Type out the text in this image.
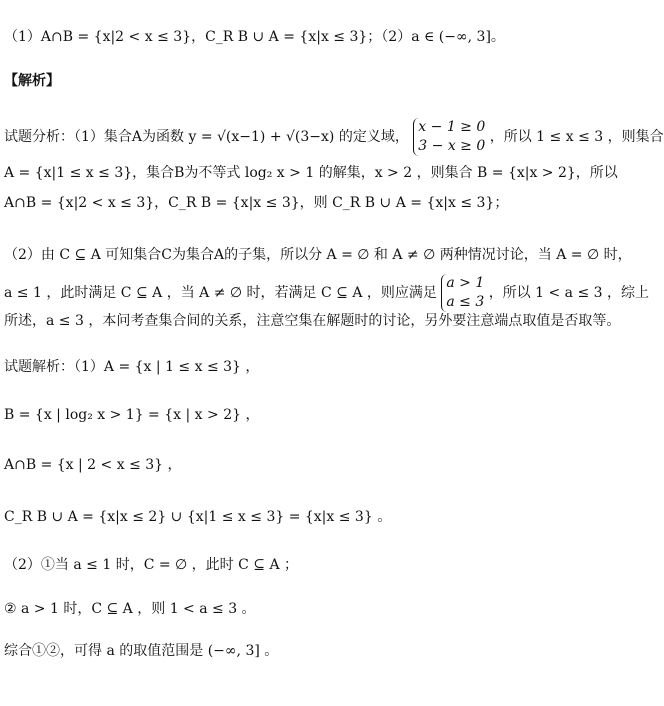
（1）A∩B = {x|2 < x ≤ 3}，C_R B ∪ A = {x|x ≤ 3}；（2）a ∈ (−∞, 3]。
【解析】
试题分析：（1）集合A为函数 y = √(x−1) + √(3−x) 的定义域，
x − 1 ≥ 0
3 − x ≥ 0
，所以 1 ≤ x ≤ 3 ，则集合
A = {x|1 ≤ x ≤ 3}，集合B为不等式 log₂ x > 1 的解集，x > 2 ，则集合 B = {x|x > 2}，所以
A∩B = {x|2 < x ≤ 3}，C_R B = {x|x ≤ 3}，则 C_R B ∪ A = {x|x ≤ 3}；
（2）由 C ⊆ A 可知集合C为集合A的子集，所以分 A = ∅ 和 A ≠ ∅ 两种情况讨论，当 A = ∅ 时，
a ≤ 1 ，此时满足 C ⊆ A ，当 A ≠ ∅ 时，若满足 C ⊆ A ，则应满足
a > 1
a ≤ 3
，所以 1 < a ≤ 3 ，综上
所述，a ≤ 3 ，本问考查集合间的关系，注意空集在解题时的讨论，另外要注意端点取值是否取等。
试题解析：（1）A = {x | 1 ≤ x ≤ 3} ，
B = {x | log₂ x > 1} = {x | x > 2} ，
A∩B = {x | 2 < x ≤ 3} ，
C_R B ∪ A = {x|x ≤ 2} ∪ {x|1 ≤ x ≤ 3} = {x|x ≤ 3} 。
（2）①当 a ≤ 1 时，C = ∅ ，此时 C ⊆ A ；
② a > 1 时，C ⊆ A ，则 1 < a ≤ 3 。
综合①②，可得 a 的取值范围是 (−∞, 3] 。
